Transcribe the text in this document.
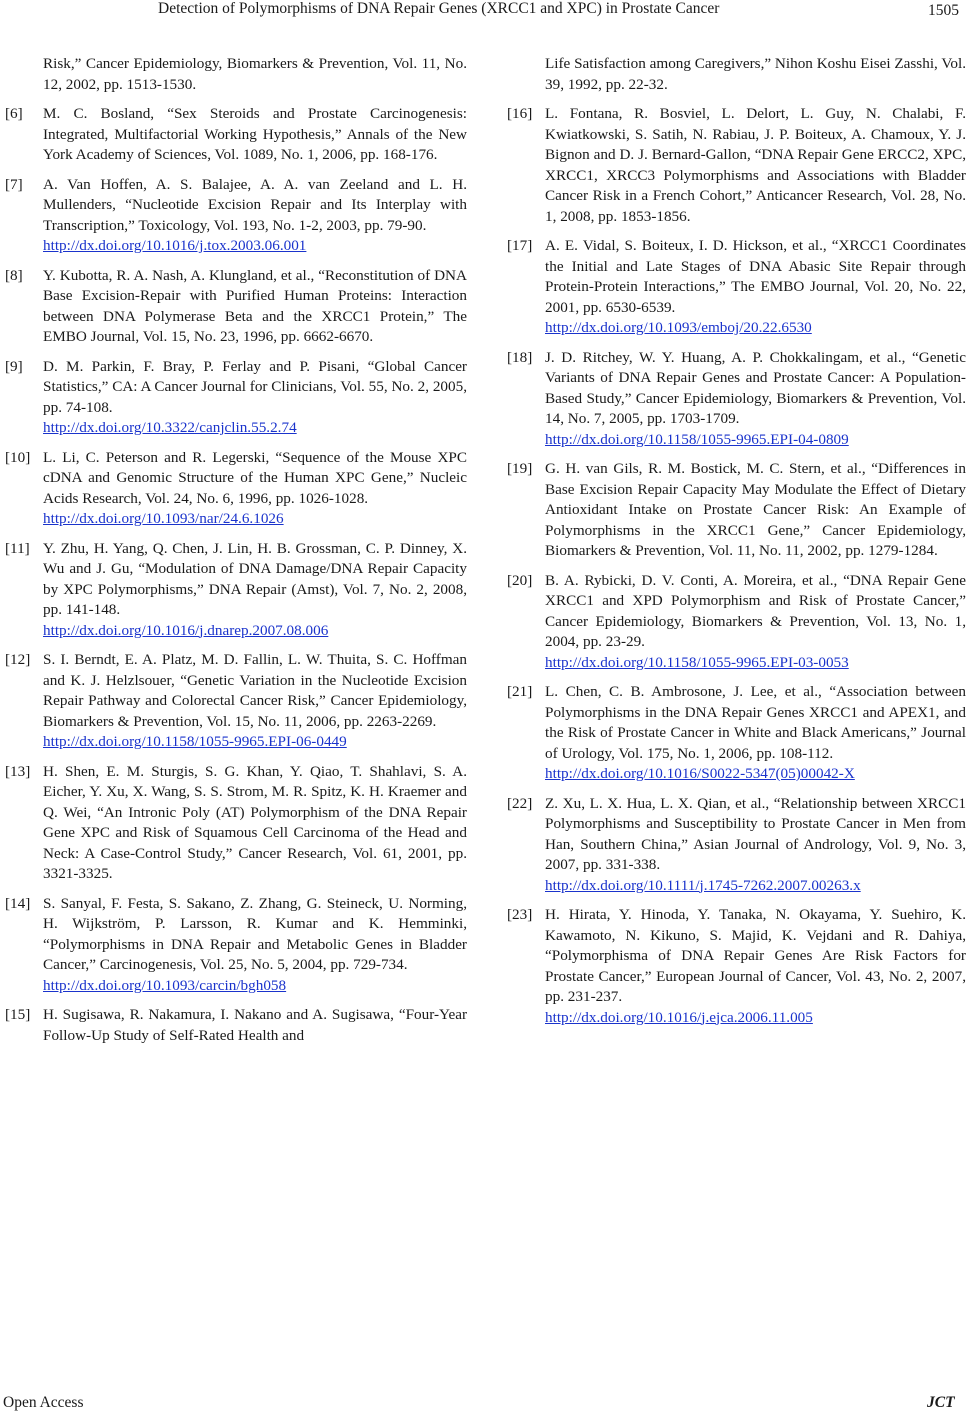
Detection of Polymorphisms of DNA Repair Genes (XRCC1 and XPC) in Prostate Cancer	1505
Risk,” Cancer Epidemiology, Biomarkers & Prevention, Vol. 11, No. 12, 2002, pp. 1513-1530.
[6] M. C. Bosland, “Sex Steroids and Prostate Carcinogenesis: Integrated, Multifactorial Working Hypothesis,” Annals of the New York Academy of Sciences, Vol. 1089, No. 1, 2006, pp. 168-176.
[7] A. Van Hoffen, A. S. Balajee, A. A. van Zeeland and L. H. Mullenders, “Nucleotide Excision Repair and Its Interplay with Transcription,” Toxicology, Vol. 193, No. 1-2, 2003, pp. 79-90.
http://dx.doi.org/10.1016/j.tox.2003.06.001
[8] Y. Kubotta, R. A. Nash, A. Klungland, et al., “Reconstitution of DNA Base Excision-Repair with Purified Human Proteins: Interaction between DNA Polymerase Beta and the XRCC1 Protein,” The EMBO Journal, Vol. 15, No. 23, 1996, pp. 6662-6670.
[9] D. M. Parkin, F. Bray, P. Ferlay and P. Pisani, “Global Cancer Statistics,” CA: A Cancer Journal for Clinicians, Vol. 55, No. 2, 2005, pp. 74-108.
http://dx.doi.org/10.3322/canjclin.55.2.74
[10] L. Li, C. Peterson and R. Legerski, “Sequence of the Mouse XPC cDNA and Genomic Structure of the Human XPC Gene,” Nucleic Acids Research, Vol. 24, No. 6, 1996, pp. 1026-1028.
http://dx.doi.org/10.1093/nar/24.6.1026
[11] Y. Zhu, H. Yang, Q. Chen, J. Lin, H. B. Grossman, C. P. Dinney, X. Wu and J. Gu, “Modulation of DNA Damage/DNA Repair Capacity by XPC Polymorphisms,” DNA Repair (Amst), Vol. 7, No. 2, 2008, pp. 141-148.
http://dx.doi.org/10.1016/j.dnarep.2007.08.006
[12] S. I. Berndt, E. A. Platz, M. D. Fallin, L. W. Thuita, S. C. Hoffman and K. J. Helzlsouer, “Genetic Variation in the Nucleotide Excision Repair Pathway and Colorectal Cancer Risk,” Cancer Epidemiology, Biomarkers & Prevention, Vol. 15, No. 11, 2006, pp. 2263-2269.
http://dx.doi.org/10.1158/1055-9965.EPI-06-0449
[13] H. Shen, E. M. Sturgis, S. G. Khan, Y. Qiao, T. Shahlavi, S. A. Eicher, Y. Xu, X. Wang, S. S. Strom, M. R. Spitz, K. H. Kraemer and Q. Wei, “An Intronic Poly (AT) Polymorphism of the DNA Repair Gene XPC and Risk of Squamous Cell Carcinoma of the Head and Neck: A Case-Control Study,” Cancer Research, Vol. 61, 2001, pp. 3321-3325.
[14] S. Sanyal, F. Festa, S. Sakano, Z. Zhang, G. Steineck, U. Norming, H. Wijkström, P. Larsson, R. Kumar and K. Hemminki, “Polymorphisms in DNA Repair and Metabolic Genes in Bladder Cancer,” Carcinogenesis, Vol. 25, No. 5, 2004, pp. 729-734.
http://dx.doi.org/10.1093/carcin/bgh058
[15] H. Sugisawa, R. Nakamura, I. Nakano and A. Sugisawa, “Four-Year Follow-Up Study of Self-Rated Health and
Life Satisfaction among Caregivers,” Nihon Koshu Eisei Zasshi, Vol. 39, 1992, pp. 22-32.
[16] L. Fontana, R. Bosviel, L. Delort, L. Guy, N. Chalabi, F. Kwiatkowski, S. Satih, N. Rabiau, J. P. Boiteux, A. Chamoux, Y. J. Bignon and D. J. Bernard-Gallon, “DNA Repair Gene ERCC2, XPC, XRCC1, XRCC3 Polymorphisms and Associations with Bladder Cancer Risk in a French Cohort,” Anticancer Research, Vol. 28, No. 1, 2008, pp. 1853-1856.
[17] A. E. Vidal, S. Boiteux, I. D. Hickson, et al., “XRCC1 Coordinates the Initial and Late Stages of DNA Abasic Site Repair through Protein-Protein Interactions,” The EMBO Journal, Vol. 20, No. 22, 2001, pp. 6530-6539.
http://dx.doi.org/10.1093/emboj/20.22.6530
[18] J. D. Ritchey, W. Y. Huang, A. P. Chokkalingam, et al., “Genetic Variants of DNA Repair Genes and Prostate Cancer: A Population-Based Study,” Cancer Epidemiology, Biomarkers & Prevention, Vol. 14, No. 7, 2005, pp. 1703-1709.
http://dx.doi.org/10.1158/1055-9965.EPI-04-0809
[19] G. H. van Gils, R. M. Bostick, M. C. Stern, et al., “Differences in Base Excision Repair Capacity May Modulate the Effect of Dietary Antioxidant Intake on Prostate Cancer Risk: An Example of Polymorphisms in the XRCC1 Gene,” Cancer Epidemiology, Biomarkers & Prevention, Vol. 11, No. 11, 2002, pp. 1279-1284.
[20] B. A. Rybicki, D. V. Conti, A. Moreira, et al., “DNA Repair Gene XRCC1 and XPD Polymorphism and Risk of Prostate Cancer,” Cancer Epidemiology, Biomarkers & Prevention, Vol. 13, No. 1, 2004, pp. 23-29.
http://dx.doi.org/10.1158/1055-9965.EPI-03-0053
[21] L. Chen, C. B. Ambrosone, J. Lee, et al., “Association between Polymorphisms in the DNA Repair Genes XRCC1 and APEX1, and the Risk of Prostate Cancer in White and Black Americans,” Journal of Urology, Vol. 175, No. 1, 2006, pp. 108-112.
http://dx.doi.org/10.1016/S0022-5347(05)00042-X
[22] Z. Xu, L. X. Hua, L. X. Qian, et al., “Relationship between XRCC1 Polymorphisms and Susceptibility to Prostate Cancer in Men from Han, Southern China,” Asian Journal of Andrology, Vol. 9, No. 3, 2007, pp. 331-338.
http://dx.doi.org/10.1111/j.1745-7262.2007.00263.x
[23] H. Hirata, Y. Hinoda, Y. Tanaka, N. Okayama, Y. Suehiro, K. Kawamoto, N. Kikuno, S. Majid, K. Vejdani and R. Dahiya, “Polymorphisma of DNA Repair Genes Are Risk Factors for Prostate Cancer,” European Journal of Cancer, Vol. 43, No. 2, 2007, pp. 231-237.
http://dx.doi.org/10.1016/j.ejca.2006.11.005
Open Access	JCT
